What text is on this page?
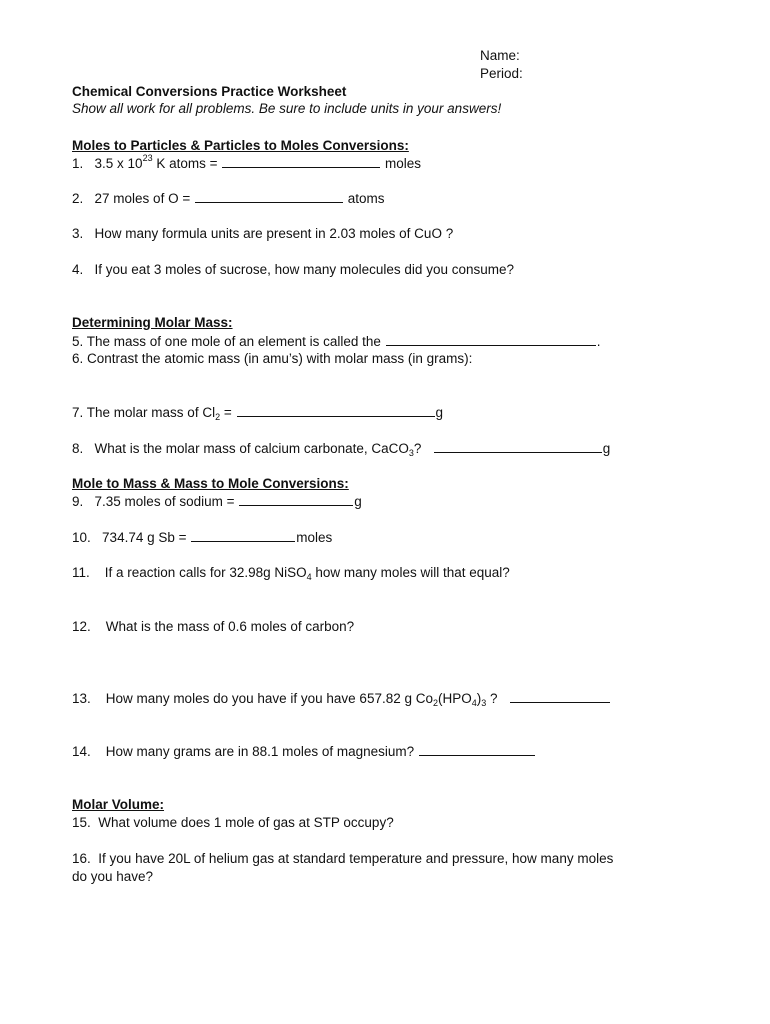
Name:
Period:
Chemical Conversions Practice Worksheet
Show all work for all problems. Be sure to include units in your answers!
Moles to Particles & Particles to Moles Conversions:
1. 3.5 x $10^{23}$ K atoms =	moles
2. 27 moles of O =	atoms
3. How many formula units are present in 2.03 moles of CuO ?
4. If you eat 3 moles of sucrose, how many molecules did you consume?
Determining Molar Mass:
5. The mass of one mole of an element is called the	.
6. Contrast the atomic mass (in amu’s) with molar mass (in grams):
7. The molar mass of $Cl_2$ =	g
8. What is the molar mass of calcium carbonate, CaCO$_3$?	g
Mole to Mass & Mass to Mole Conversions:
9. 7.35 moles of sodium =	g
10. 734.74 g Sb =	moles
11. If a reaction calls for 32.98g NiSO$_4$ how many moles will that equal?
12. What is the mass of 0.6 moles of carbon?
13. How many moles do you have if you have 657.82 g $Co_2(HPO_4)_3$ ?
14. How many grams are in 88.1 moles of magnesium?
Molar Volume:
15. What volume does 1 mole of gas at STP occupy?
16. If you have 20L of helium gas at standard temperature and pressure, how many moles
do you have?
